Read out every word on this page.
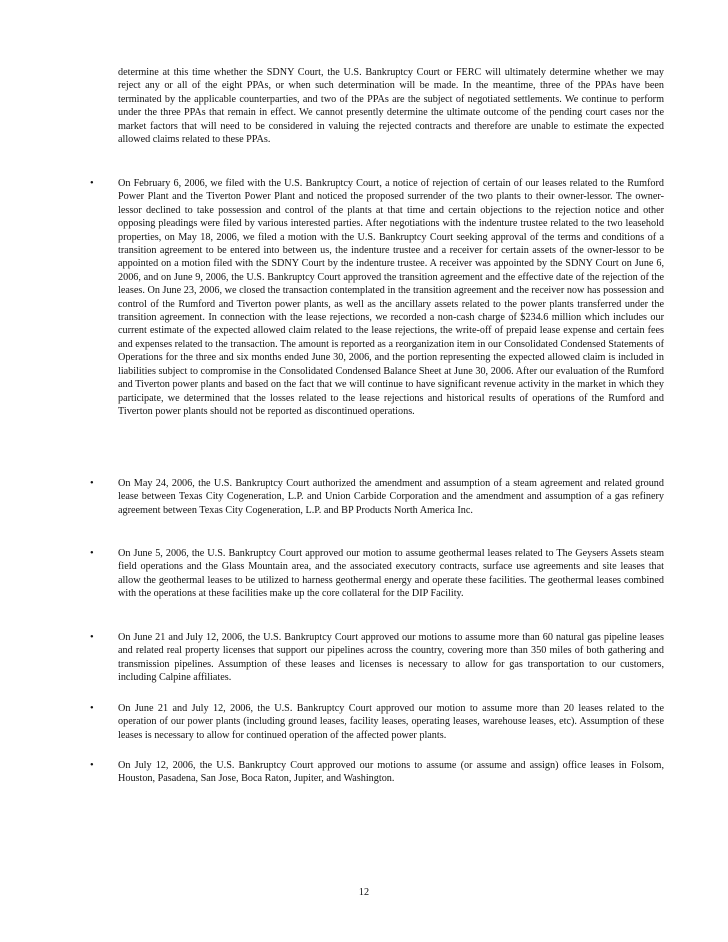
determine at this time whether the SDNY Court, the U.S. Bankruptcy Court or FERC will ultimately determine whether we may reject any or all of the eight PPAs, or when such determination will be made. In the meantime, three of the PPAs have been terminated by the applicable counterparties, and two of the PPAs are the subject of negotiated settlements. We continue to perform under the three PPAs that remain in effect. We cannot presently determine the ultimate outcome of the pending court cases nor the market factors that will need to be considered in valuing the rejected contracts and therefore are unable to estimate the expected allowed claims related to these PPAs.

• On February 6, 2006, we filed with the U.S. Bankruptcy Court, a notice of rejection of certain of our leases related to the Rumford Power Plant and the Tiverton Power Plant and noticed the proposed surrender of the two plants to their owner-lessor. The owner-lessor declined to take possession and control of the plants at that time and certain objections to the rejection notice and other opposing pleadings were filed by various interested parties. After negotiations with the indenture trustee related to the two leasehold properties, on May 18, 2006, we filed a motion with the U.S. Bankruptcy Court seeking approval of the terms and conditions of a transition agreement to be entered into between us, the indenture trustee and a receiver for certain assets of the owner-lessor to be appointed on a motion filed with the SDNY Court by the indenture trustee. A receiver was appointed by the SDNY Court on June 6, 2006, and on June 9, 2006, the U.S. Bankruptcy Court approved the transition agreement and the effective date of the rejection of the leases. On June 23, 2006, we closed the transaction contemplated in the transition agreement and the receiver now has possession and control of the Rumford and Tiverton power plants, as well as the ancillary assets related to the power plants transferred under the transition agreement. In connection with the lease rejections, we recorded a non-cash charge of $234.6 million which includes our current estimate of the expected allowed claim related to the lease rejections, the write-off of prepaid lease expense and certain fees and expenses related to the transaction. The amount is reported as a reorganization item in our Consolidated Condensed Statements of Operations for the three and six months ended June 30, 2006, and the portion representing the expected allowed claim is included in liabilities subject to compromise in the Consolidated Condensed Balance Sheet at June 30, 2006. After our evaluation of the Rumford and Tiverton power plants and based on the fact that we will continue to have significant revenue activity in the market in which they participate, we determined that the losses related to the lease rejections and historical results of operations of the Rumford and Tiverton power plants should not be reported as discontinued operations.

• On May 24, 2006, the U.S. Bankruptcy Court authorized the amendment and assumption of a steam agreement and related ground lease between Texas City Cogeneration, L.P. and Union Carbide Corporation and the amendment and assumption of a gas refinery agreement between Texas City Cogeneration, L.P. and BP Products North America Inc.

• On June 5, 2006, the U.S. Bankruptcy Court approved our motion to assume geothermal leases related to The Geysers Assets steam field operations and the Glass Mountain area, and the associated executory contracts, surface use agreements and site leases that allow the geothermal leases to be utilized to harness geothermal energy and operate these facilities. The geothermal leases combined with the operations at these facilities make up the core collateral for the DIP Facility.

• On June 21 and July 12, 2006, the U.S. Bankruptcy Court approved our motions to assume more than 60 natural gas pipeline leases and related real property licenses that support our pipelines across the country, covering more than 350 miles of both gathering and transmission pipelines. Assumption of these leases and licenses is necessary to allow for gas transportation to our customers, including Calpine affiliates.

• On June 21 and July 12, 2006, the U.S. Bankruptcy Court approved our motion to assume more than 20 leases related to the operation of our power plants (including ground leases, facility leases, operating leases, warehouse leases, etc). Assumption of these leases is necessary to allow for continued operation of the affected power plants.

• On July 12, 2006, the U.S. Bankruptcy Court approved our motions to assume (or assume and assign) office leases in Folsom, Houston, Pasadena, San Jose, Boca Raton, Jupiter, and Washington.

12
